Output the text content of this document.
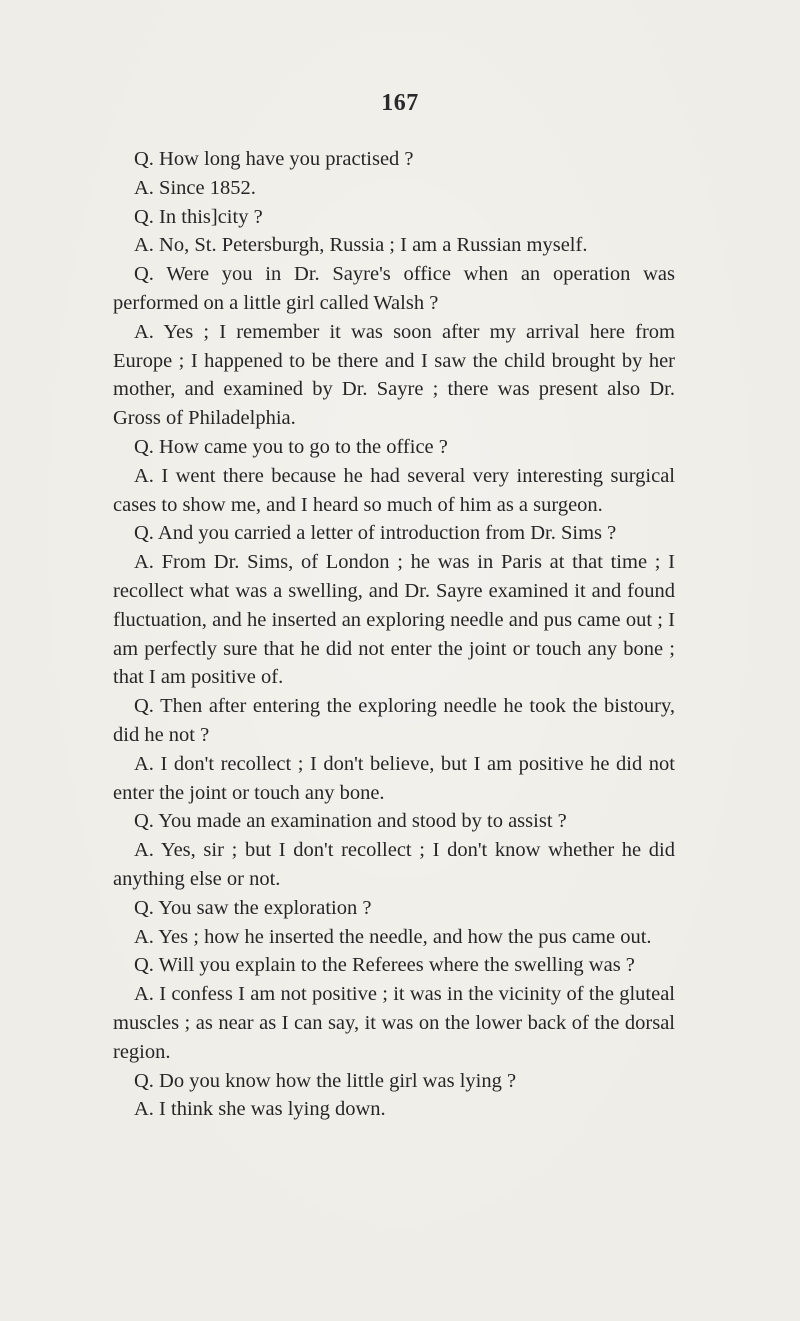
167

Q. How long have you practised ?

A. Since 1852.

Q. In this]city ?

A. No, St. Petersburgh, Russia ; I am a Russian myself.

Q. Were you in Dr. Sayre's office when an operation was performed on a little girl called Walsh ?

A. Yes ; I remember it was soon after my arrival here from Europe ; I happened to be there and I saw the child brought by her mother, and examined by Dr. Sayre ; there was present also Dr. Gross of Philadelphia.

Q. How came you to go to the office ?

A. I went there because he had several very interesting surgical cases to show me, and I heard so much of him as a surgeon.

Q. And you carried a letter of introduction from Dr. Sims ?

A. From Dr. Sims, of London ; he was in Paris at that time ; I recollect what was a swelling, and Dr. Sayre examined it and found fluctuation, and he inserted an exploring needle and pus came out ; I am perfectly sure that he did not enter the joint or touch any bone ; that I am positive of.

Q. Then after entering the exploring needle he took the bistoury, did he not ?

A. I don't recollect ; I don't believe, but I am positive he did not enter the joint or touch any bone.

Q. You made an examination and stood by to assist ?

A. Yes, sir ; but I don't recollect ; I don't know whether he did anything else or not.

Q. You saw the exploration ?

A. Yes ; how he inserted the needle, and how the pus came out.

Q. Will you explain to the Referees where the swelling was ?

A. I confess I am not positive ; it was in the vicinity of the gluteal muscles ; as near as I can say, it was on the lower back of the dorsal region.

Q. Do you know how the little girl was lying ?

A. I think she was lying down.
